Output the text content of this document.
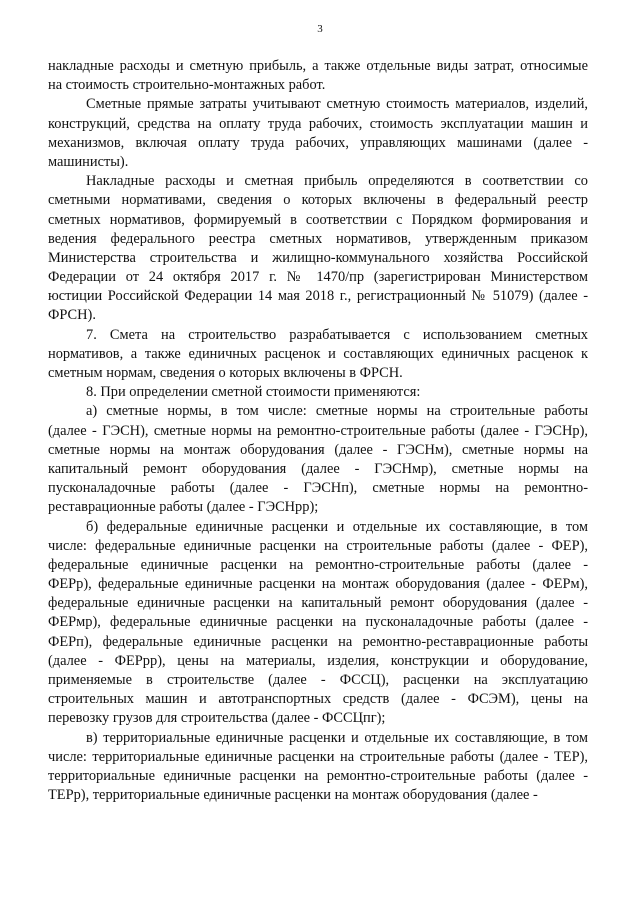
3
накладные расходы и сметную прибыль, а также отдельные виды затрат, относимые
на стоимость строительно-монтажных работ.
Сметные прямые затраты учитывают сметную стоимость материалов, изделий,
конструкций, средства на оплату труда рабочих, стоимость эксплуатации машин и
механизмов, включая оплату труда рабочих, управляющих машинами (далее -
машинисты).
Накладные расходы и сметная прибыль определяются в соответствии со
сметными нормативами, сведения о которых включены в федеральный реестр
сметных нормативов, формируемый в соответствии с Порядком формирования и
ведения федерального реестра сметных нормативов, утвержденным приказом
Министерства строительства и жилищно-коммунального хозяйства Российской
Федерации от 24 октября 2017 г. № 1470/пр (зарегистрирован Министерством
юстиции Российской Федерации 14 мая 2018 г., регистрационный № 51079) (далее -
ФРСН).
7. Смета на строительство разрабатывается с использованием сметных
нормативов, а также единичных расценок и составляющих единичных расценок к
сметным нормам, сведения о которых включены в ФРСН.
8. При определении сметной стоимости применяются:
а) сметные нормы, в том числе: сметные нормы на строительные работы
(далее - ГЭСН), сметные нормы на ремонтно-строительные работы (далее - ГЭСНр),
сметные нормы на монтаж оборудования (далее - ГЭСНм), сметные нормы на
капитальный ремонт оборудования (далее - ГЭСНмр), сметные нормы на
пусконаладочные работы (далее - ГЭСНп), сметные нормы на ремонтно-
реставрационные работы (далее - ГЭСНрр);
б) федеральные единичные расценки и отдельные их составляющие, в том
числе: федеральные единичные расценки на строительные работы (далее - ФЕР),
федеральные единичные расценки на ремонтно-строительные работы (далее -
ФЕРр), федеральные единичные расценки на монтаж оборудования (далее - ФЕРм),
федеральные единичные расценки на капитальный ремонт оборудования (далее -
ФЕРмр), федеральные единичные расценки на пусконаладочные работы (далее -
ФЕРп), федеральные единичные расценки на ремонтно-реставрационные работы
(далее - ФЕРрр), цены на материалы, изделия, конструкции и оборудование,
применяемые в строительстве (далее - ФССЦ), расценки на эксплуатацию
строительных машин и автотранспортных средств (далее - ФСЭМ), цены на
перевозку грузов для строительства (далее - ФССЦпг);
в) территориальные единичные расценки и отдельные их составляющие, в том
числе: территориальные единичные расценки на строительные работы (далее - ТЕР),
территориальные единичные расценки на ремонтно-строительные работы (далее -
ТЕРр), территориальные единичные расценки на монтаж оборудования (далее -
